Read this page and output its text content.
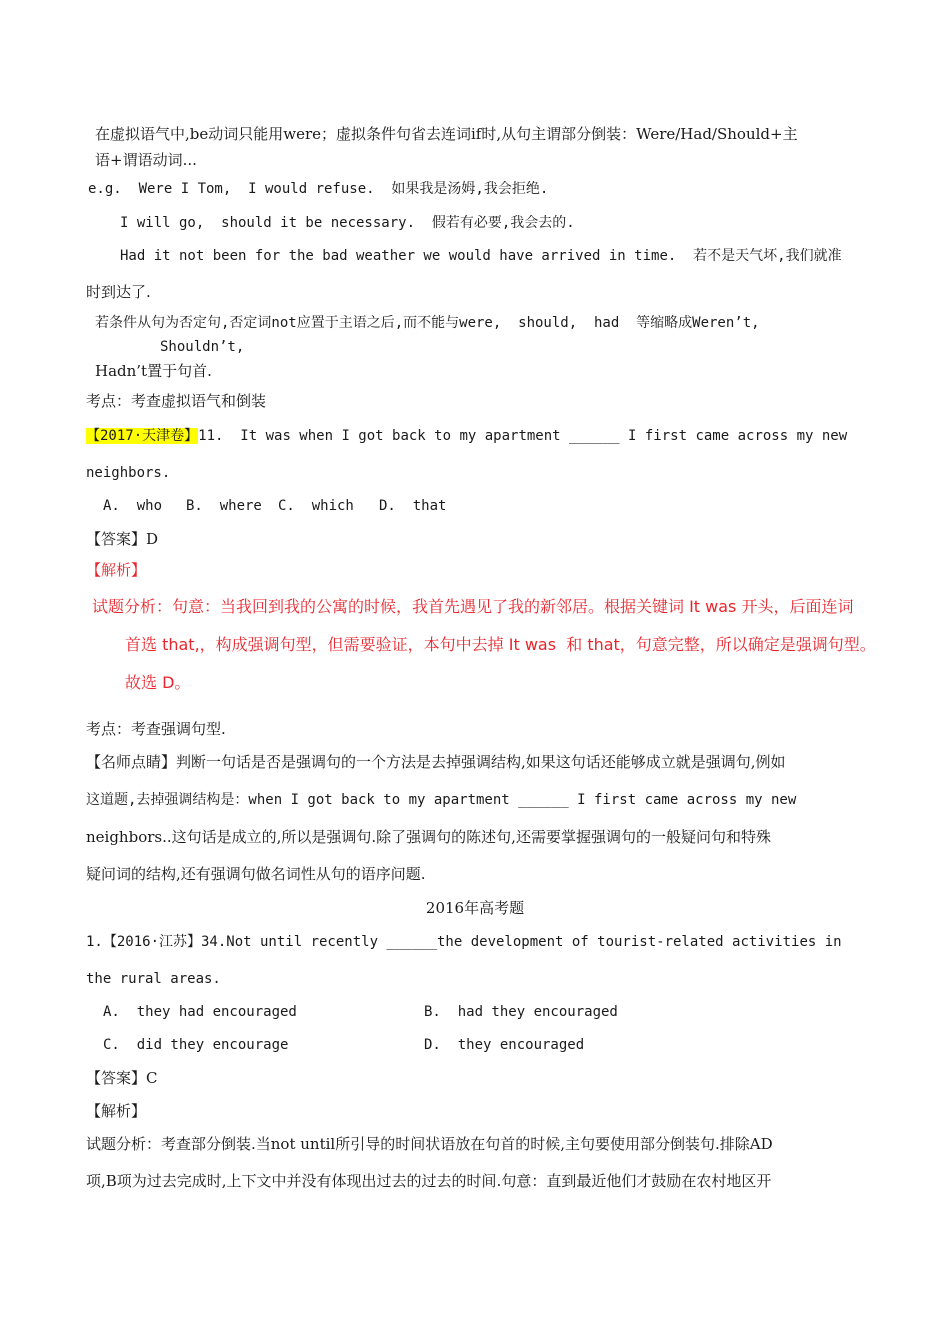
在虚拟语气中,be动词只能用were；虚拟条件句省去连词if时,从句主谓部分倒装：Were/Had/Should+主
语+谓语动词...
e.g.  Were I Tom,  I would refuse.  如果我是汤姆,我会拒绝.
I will go,  should it be necessary.  假若有必要,我会去的.
Had it not been for the bad weather we would have arrived in time.  若不是天气坏,我们就准
时到达了.
若条件从句为否定句,否定词not应置于主语之后,而不能与were,  should,  had  等缩略成Weren’t,
Shouldn’t,
Hadn’t置于句首.
考点：考查虚拟语气和倒装
【2017·天津卷】11.  It was when I got back to my apartment ______ I first came across my new
neighbors.
A.  who B.  where C.  which D.  that
【答案】D
【解析】
试题分析：句意：当我回到我的公寓的时候，我首先遇见了我的新邻居。根据关键词 It was 开头，后面连词
首选 that,，构成强调句型，但需要验证，本句中去掉 It was  和 that，句意完整，所以确定是强调句型。
故选 D。
考点：考查强调句型.
【名师点睛】判断一句话是否是强调句的一个方法是去掉强调结构,如果这句话还能够成立就是强调句,例如
这道题,去掉强调结构是：when I got back to my apartment ______ I first came across my new
neighbors..这句话是成立的,所以是强调句.除了强调句的陈述句,还需要掌握强调句的一般疑问句和特殊
疑问词的结构,还有强调句做名词性从句的语序问题.
2016年高考题
1.【2016·江苏】34.Not until recently ______the development of tourist-related activities in
the rural areas.
A.  they had encouraged	B.  had they encouraged
C.  did they encourage	D.  they encouraged
【答案】C
【解析】
试题分析：考查部分倒装.当not until所引导的时间状语放在句首的时候,主句要使用部分倒装句.排除AD
项,B项为过去完成时,上下文中并没有体现出过去的过去的时间.句意：直到最近他们才鼓励在农村地区开
